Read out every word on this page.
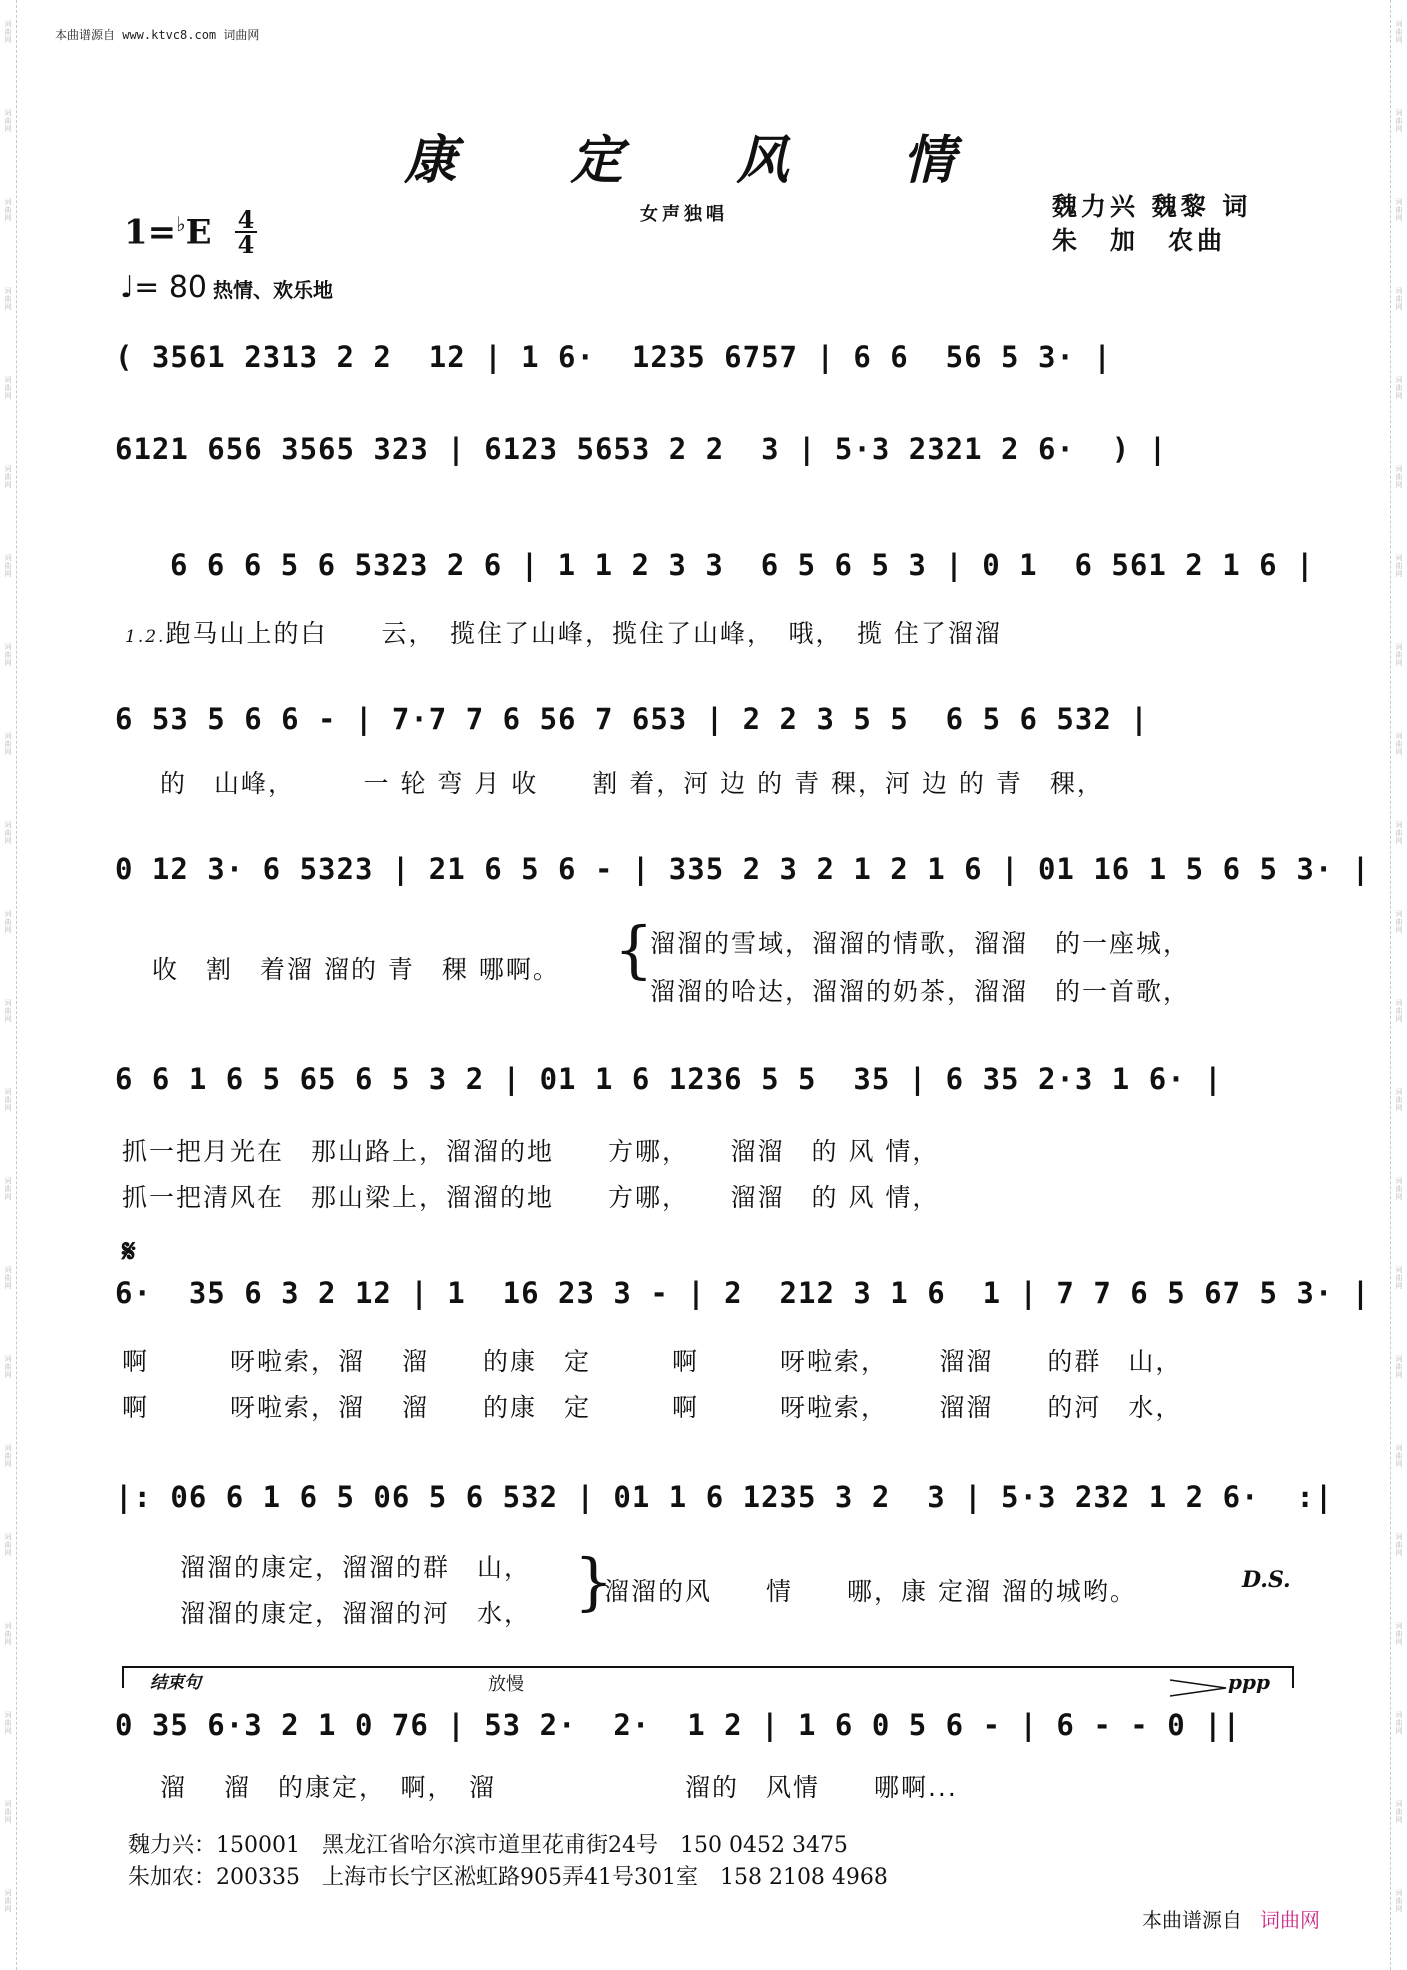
词
曲
网
词
曲
网
词
曲
网
词
曲
网
词
曲
网
词
曲
网
词
曲
网
词
曲
网
词
曲
网
词
曲
网
词
曲
网
词
曲
网
词
曲
网
词
曲
网
词
曲
网
词
曲
网
词
曲
网
词
曲
网
词
曲
网
词
曲
网
词
曲
网
词
曲
网
词
曲
网
词
曲
网
词
曲
网
词
曲
网
词
曲
网
词
曲
网
词
曲
网
词
曲
网
词
曲
网
词
曲
网
词
曲
网
词
曲
网
词
曲
网
词
曲
网
词
曲
网
词
曲
网
词
曲
网
词
曲
网
词
曲
网
词
曲
网
词
曲
网
词
曲
网
本曲谱源自 www.ktvc8.com 词曲网
康 定 风 情
女声独唱	魏力兴 魏黎 词
朱　加　农曲
1=♭E 4
4
♩= 80 热情、欢乐地
( 3561 2313 2 2  12 | 1 6·  1235 6757 | 6 6  56 5 3· |
6121 656 3565 323 | 6123 5653 2 2  3 | 5·3 2321 2 6·  ) |
6 6 6 5 6 5323 2 6 | 1 1 2 3 3  6 5 6 5 3 | 0 1  6 561 2 1 6 |
1.2.跑马山上的白　　云，　揽住了山峰，揽住了山峰，　哦，　揽 住了溜溜
6 53 5 6 6 - | 7·7 7 6 56 7 653 | 2 2 3 5 5  6 5 6 532 |
的　山峰，　　　一 轮 弯 月 收　　割 着，河 边 的 青 稞，河 边 的 青　稞，
0 12 3· 6 5323 | 21 6 5 6 - | 335 2 3 2 1 2 1 6 | 01 16 1 5 6 5 3· |
收　割　着溜 溜的 青　稞 哪啊。 {
溜溜的雪域，溜溜的情歌，溜溜　的一座城，
溜溜的哈达，溜溜的奶茶，溜溜　的一首歌，
6 6 1 6 5 65 6 5 3 2 | 01 1 6 1236 5 5  35 | 6 35 2·3 1 6· |
抓一把月光在　那山路上，溜溜的地　　方哪，　　溜溜　的 风 情，
抓一把清风在　那山梁上，溜溜的地　　方哪，　　溜溜　的 风 情，
𝄋
6·  35 6 3 2 12 | 1  16 23 3 - | 2  212 3 1 6  1 | 7 7 6 5 67 5 3· |
啊　　　呀啦索，溜　 溜　　的康　定　　　啊　　　呀啦索，　　 溜溜　　的群　山，
啊　　　呀啦索，溜　 溜　　的康　定　　　啊　　　呀啦索，　　 溜溜　　的河　水，
|: 06 6 1 6 5 06 5 6 532 | 01 1 6 1235 3 2  3 | 5·3 232 1 2 6·  :|
溜溜的康定，溜溜的群　山，
溜溜的康定，溜溜的河　水， }
溜溜的风　　情　　哪，康 定溜 溜的城哟。	D.S.
结束句	放慢	ppp
0 35 6·3 2 1 0 76 | 53 2·  2·  1 2 | 1 6 0 5 6 - | 6 - - 0 ||
溜　 溜　的康定，　啊，　溜　　　　　　　溜的　风情　　哪啊...
魏力兴：150001　黑龙江省哈尔滨市道里花甫街24号　150 0452 3475
朱加农：200335　上海市长宁区淞虹路905弄41号301室　158 2108 4968
本曲谱源自 词曲网
